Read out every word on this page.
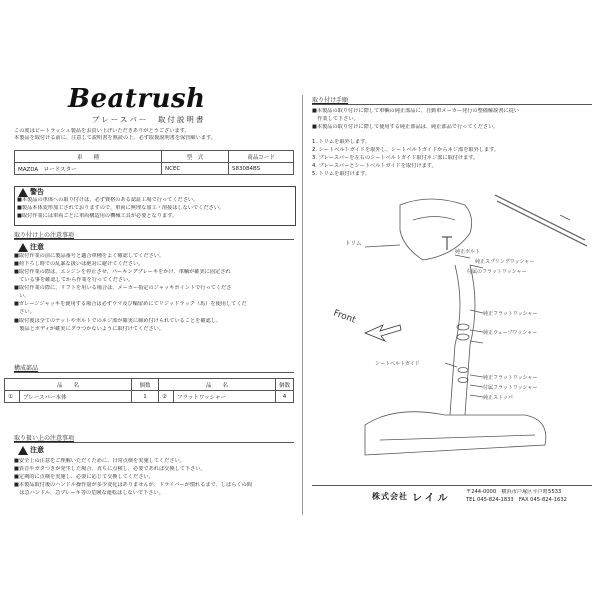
Beatrush
ブレースバー　取付説明書
この度はビートラッシュ製品をお買い上げいただきありがとうございます。
本製品を取付ける前に、注意して説明書を熟読の上、必ず取扱説明書を保管願います。
車　　種	型　式	商品コード
MAZDA　ロードスター	NCEC	S83084BS
警告
■本製品の車体への取り付けは、必ず資格のある認証工場で行ってください。
■製品本体変形加工されておりますので、車両に無理な加工・溶接はしないでください。
■取付作業には車両ごとに車両構造用の機械工具が必要となります。
取り付け上の注意事項
注意
■取付作業の前に製品番号と適合車種をよく確認してください。
■荷下ろし時での乱暴な扱いは絶対に避けてください。
■取付作業の際は、エンジンを停止させ、パーキングブレーキをかけ、車輌が確実に固定され
　ている事を確認してから作業を行ってください。
■取付作業の際に、リフトを用いる場合は、メーカー指定のジャッキポイントで行ってくださ
　い。
■ガレージジャッキを使用する場合は必ずウマ及び輪留めにてリジッドラック（馬）を使用してくだ
　さい。
■取付後は全てのナットやボルトでのネジ部が確実に締め付けられていることを確認し、
　製品とボディが確実にグラつかないように取付けてください。
構成部品
品　　名		個数	品　　名		個数
①	ブレースバー本体	1	②	フラットワッシャー	4
取り扱い上の注意事項
注意
■安全上の注意をご理解いただくために、日常点検を実施してください。
■異音やガタつきが発生した場合、直ちに点検し、必要であれば交換して下さい。
■定期的に点検を実施し、必要に応じて交換してください。
■本製品取付後のハンドル操作量が多少変化はありませんが、ドライバーが慣れるまで、しばらくの間
　は急ハンドル、急ブレーキ等の危険な運転はしないで下さい。
取り付け手順
■本製品の取り付けに際して車輌の純正部品に、自動車メーカー発行の整備解説書に従い
　作業して下さい。
■本製品の取り付けに際して使用する純正部品は、純正部品で行ってください。
1. トリムを取外します。
2. シートベルトガイドを取外し、シートベルトガイドからネジ部を取外します。
3. ブレースバーを左右のシートベルトガイド取付ネジ部に取付けます。
4. ブレースバーとシートベルトガイドを取付けます。
5. トリムを取付けます。
トリム
純正ボルト
純正スプリングワッシャー
付属のフラットワッシャー
純正フラットワッシャー
純正ウェーブワッシャー
シートベルトガイド
純正フラットワッシャー
付属フラットワッシャー
純正ストッパ
Front
株式会社 レイル
〒244-0000　横浜市戸塚区平戸町5533
TEL 045-824-1833　FAX 045-824-1632
